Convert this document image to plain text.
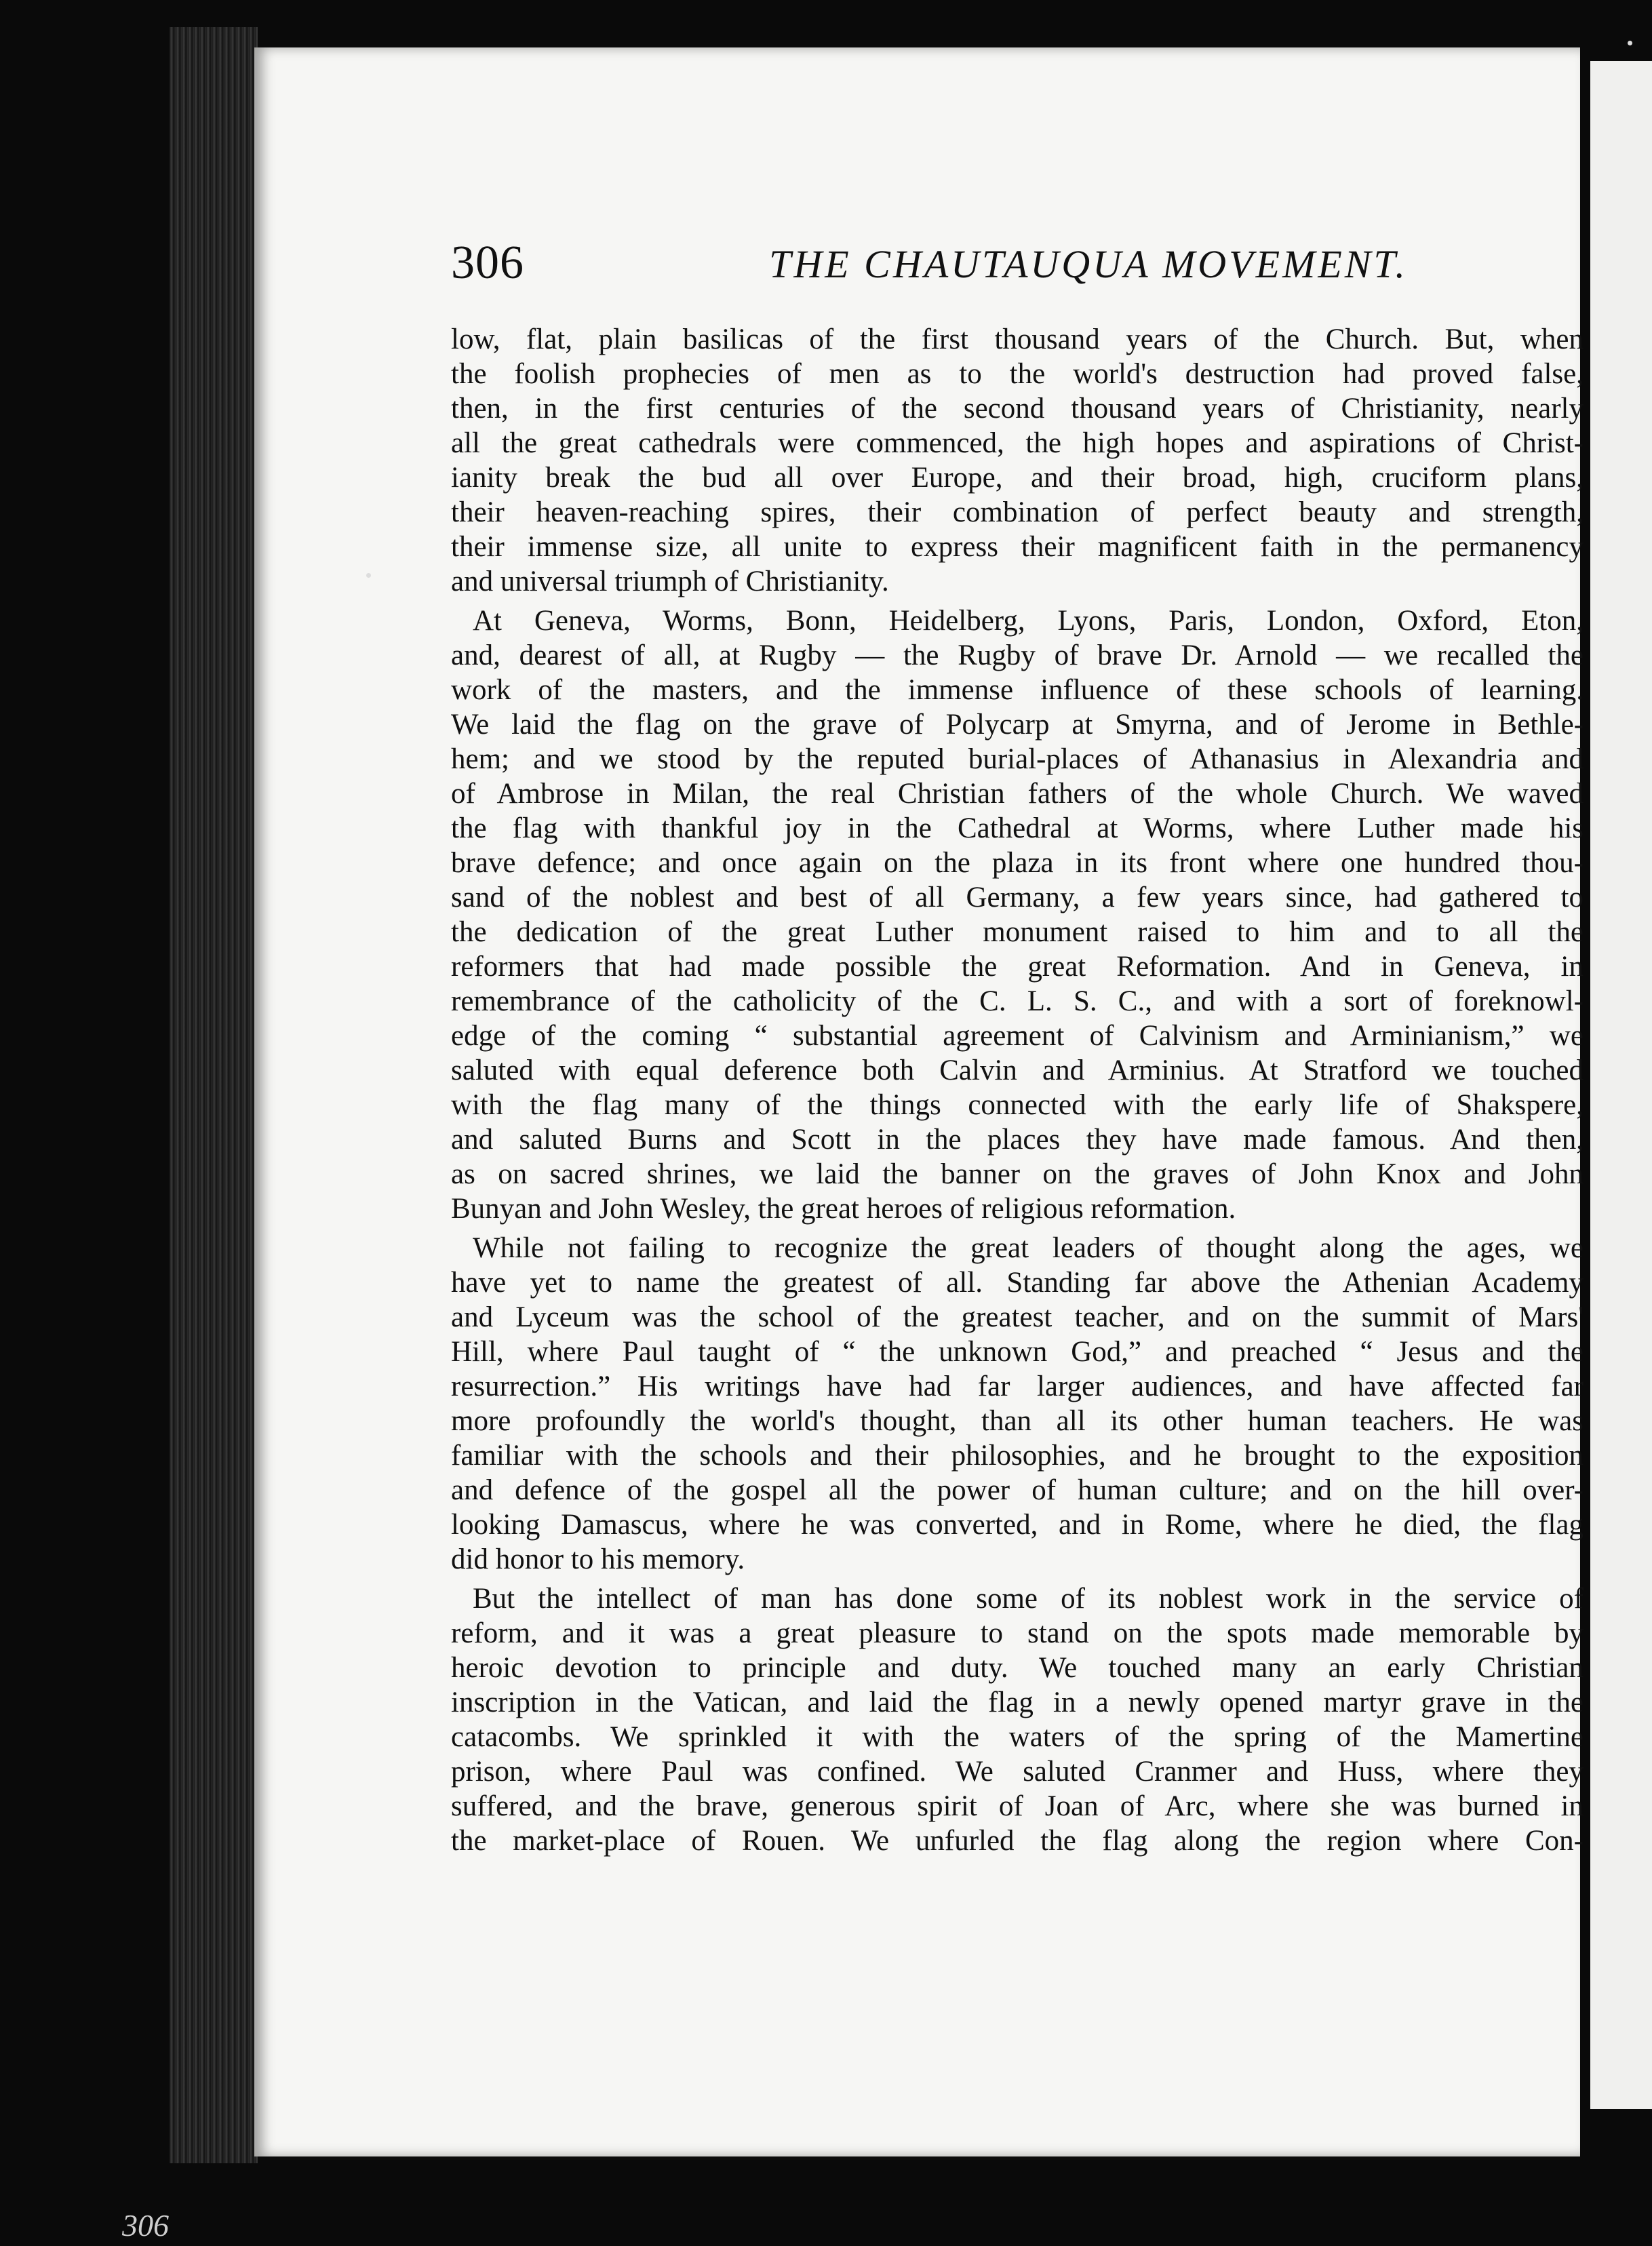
306	THE CHAUTAUQUA MOVEMENT.
low, flat, plain basilicas of the first thousand years of the Church. But, when
the foolish prophecies of men as to the world's destruction had proved false,
then, in the first centuries of the second thousand years of Christianity, nearly
all the great cathedrals were commenced, the high hopes and aspirations of Christ-
ianity break the bud all over Europe, and their broad, high, cruciform plans,
their heaven-reaching spires, their combination of perfect beauty and strength,
their immense size, all unite to express their magnificent faith in the permanency
and universal triumph of Christianity.
At Geneva, Worms, Bonn, Heidelberg, Lyons, Paris, London, Oxford, Eton,
and, dearest of all, at Rugby — the Rugby of brave Dr. Arnold — we recalled the
work of the masters, and the immense influence of these schools of learning.
We laid the flag on the grave of Polycarp at Smyrna, and of Jerome in Bethle-
hem; and we stood by the reputed burial-places of Athanasius in Alexandria and
of Ambrose in Milan, the real Christian fathers of the whole Church. We waved
the flag with thankful joy in the Cathedral at Worms, where Luther made his
brave defence; and once again on the plaza in its front where one hundred thou-
sand of the noblest and best of all Germany, a few years since, had gathered to
the dedication of the great Luther monument raised to him and to all the
reformers that had made possible the great Reformation. And in Geneva, in
remembrance of the catholicity of the C. L. S. C., and with a sort of foreknowl-
edge of the coming “ substantial agreement of Calvinism and Arminianism,” we
saluted with equal deference both Calvin and Arminius. At Stratford we touched
with the flag many of the things connected with the early life of Shakspere,
and saluted Burns and Scott in the places they have made famous. And then,
as on sacred shrines, we laid the banner on the graves of John Knox and John
Bunyan and John Wesley, the great heroes of religious reformation.
While not failing to recognize the great leaders of thought along the ages, we
have yet to name the greatest of all. Standing far above the Athenian Academy
and Lyceum was the school of the greatest teacher, and on the summit of Mars'
Hill, where Paul taught of “ the unknown God,” and preached “ Jesus and the
resurrection.” His writings have had far larger audiences, and have affected far
more profoundly the world's thought, than all its other human teachers. He was
familiar with the schools and their philosophies, and he brought to the exposition
and defence of the gospel all the power of human culture; and on the hill over-
looking Damascus, where he was converted, and in Rome, where he died, the flag
did honor to his memory.
But the intellect of man has done some of its noblest work in the service of
reform, and it was a great pleasure to stand on the spots made memorable by
heroic devotion to principle and duty. We touched many an early Christian
inscription in the Vatican, and laid the flag in a newly opened martyr grave in the
catacombs. We sprinkled it with the waters of the spring of the Mamertine
prison, where Paul was confined. We saluted Cranmer and Huss, where they
suffered, and the brave, generous spirit of Joan of Arc, where she was burned in
the market-place of Rouen. We unfurled the flag along the region where Con-
306
